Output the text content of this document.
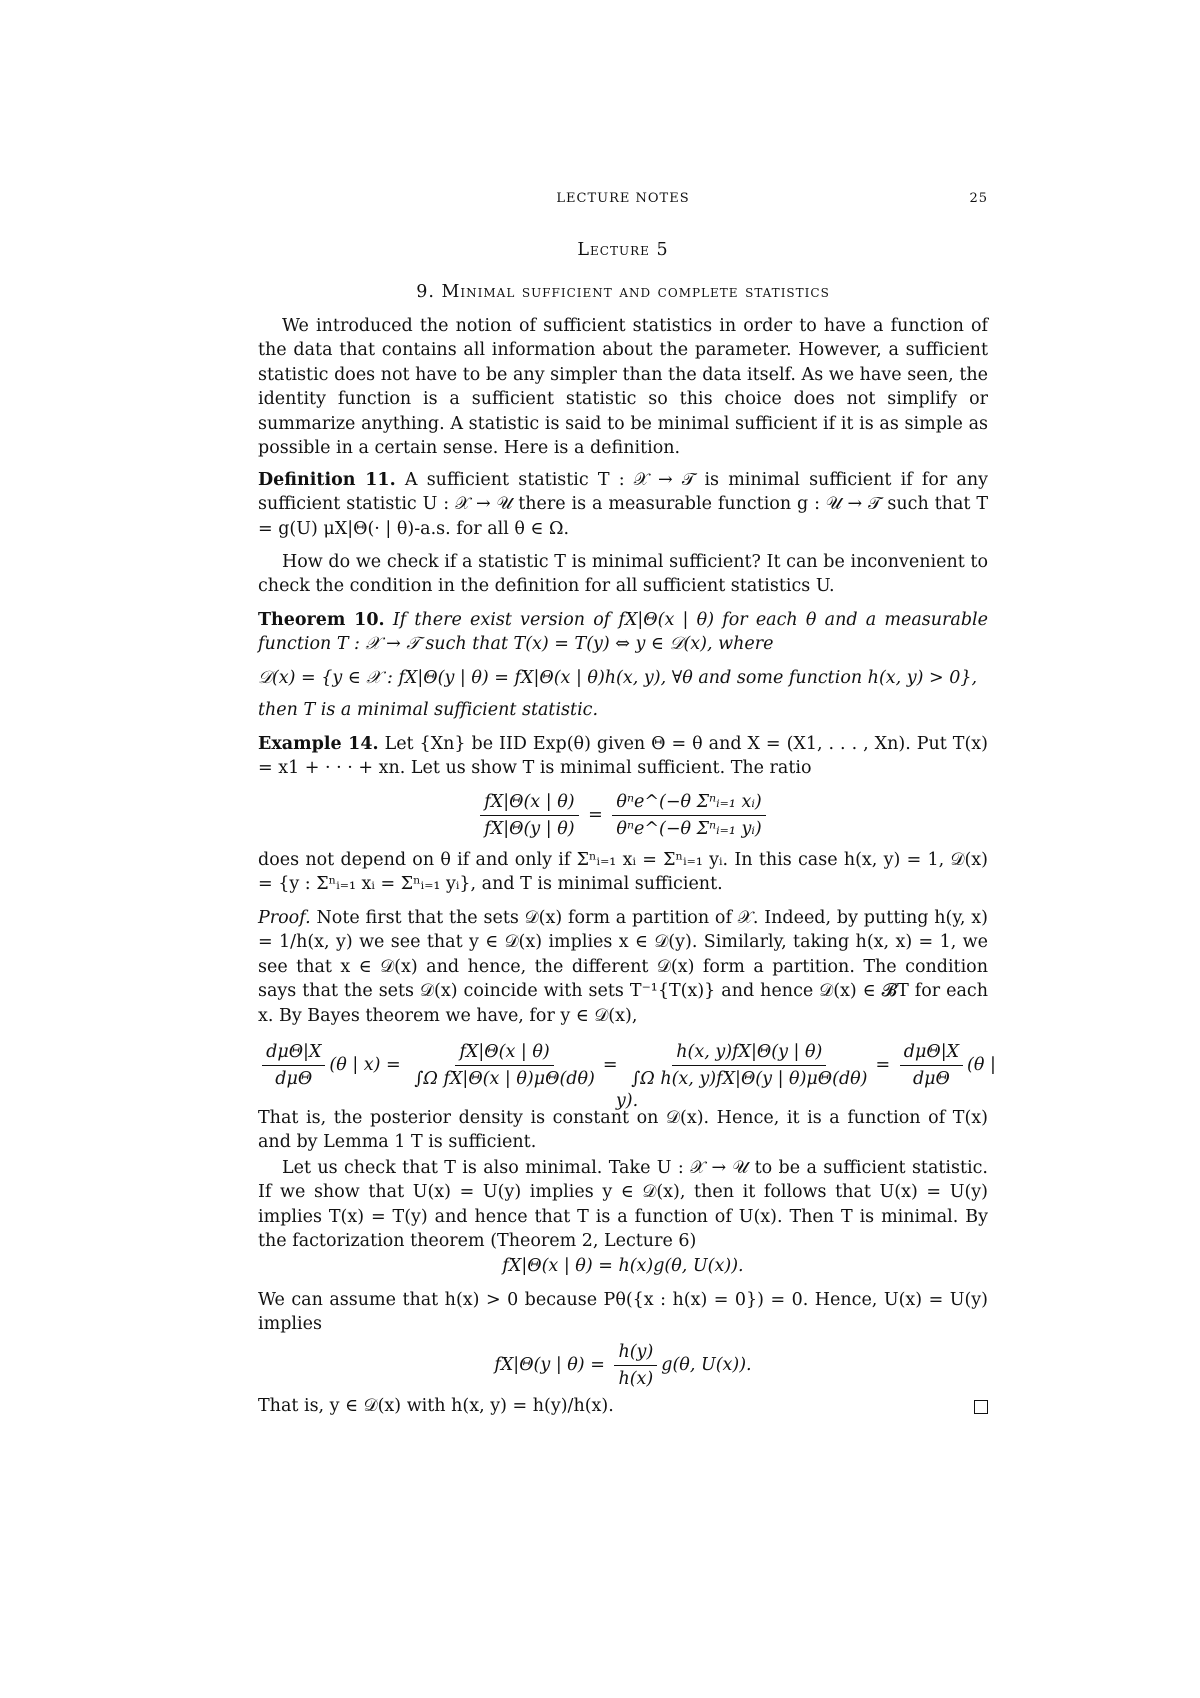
LECTURE NOTES	25
Lecture 5
9. Minimal sufficient and complete statistics
We introduced the notion of sufficient statistics in order to have a function of the data that contains all information about the parameter. However, a sufficient statistic does not have to be any simpler than the data itself. As we have seen, the identity function is a sufficient statistic so this choice does not simplify or summarize anything. A statistic is said to be minimal sufficient if it is as simple as possible in a certain sense. Here is a definition.
Definition 11. A sufficient statistic T : 𝒳 → 𝒯 is minimal sufficient if for any sufficient statistic U : 𝒳 → 𝒰 there is a measurable function g : 𝒰 → 𝒯 such that T = g(U) μX|Θ(· | θ)-a.s. for all θ ∈ Ω.
How do we check if a statistic T is minimal sufficient? It can be inconvenient to check the condition in the definition for all sufficient statistics U.
Theorem 10. If there exist version of fX|Θ(x | θ) for each θ and a measurable function T : 𝒳 → 𝒯 such that T(x) = T(y) ⇔ y ∈ 𝒟(x), where
𝒟(x) = {y ∈ 𝒳 : fX|Θ(y | θ) = fX|Θ(x | θ)h(x, y), ∀θ and some function h(x, y) > 0},
then T is a minimal sufficient statistic.
Example 14. Let {Xn} be IID Exp(θ) given Θ = θ and X = (X1, . . . , Xn). Put T(x) = x1 + · · · + xn. Let us show T is minimal sufficient. The ratio
$\frac{fX|\Theta(x | \theta)}{fX|\Theta(y | \theta)} = \frac{\text{θⁿe\textasciicircum{}(−θ Σⁿᵢ₌₁ xᵢ)}}{\text{θⁿe\textasciicircum{}(−θ Σⁿᵢ₌₁ yᵢ)}}$
does not depend on θ if and only if Σⁿᵢ₌₁ xᵢ = Σⁿᵢ₌₁ yᵢ. In this case h(x, y) = 1, 𝒟(x) = {y : Σⁿᵢ₌₁ xᵢ = Σⁿᵢ₌₁ yᵢ}, and T is minimal sufficient.
Proof. Note first that the sets 𝒟(x) form a partition of 𝒳. Indeed, by putting h(y, x) = 1/h(x, y) we see that y ∈ 𝒟(x) implies x ∈ 𝒟(y). Similarly, taking h(x, x) = 1, we see that x ∈ 𝒟(x) and hence, the different 𝒟(x) form a partition. The condition says that the sets 𝒟(x) coincide with sets T⁻¹{T(x)} and hence 𝒟(x) ∈ 𝓑T for each x. By Bayes theorem we have, for y ∈ 𝒟(x),
$\frac{\text{dμΘ|X}}{\text{dμΘ}} (\theta$ | $x) = \frac{fX|\Theta(x | \theta)}{\text{∫Ω fX|Θ(x | θ)μΘ(dθ)}} = \frac{h(x, y)fX|\Theta(y | \theta)}{\text{∫Ω h(x, y)fX|Θ(y | θ)μΘ(dθ)}} = \frac{\text{dμΘ|X}}{\text{dμΘ}} (\theta$ | y).
That is, the posterior density is constant on 𝒟(x). Hence, it is a function of T(x) and by Lemma 1 T is sufficient.
Let us check that T is also minimal. Take U : 𝒳 → 𝒰 to be a sufficient statistic. If we show that U(x) = U(y) implies y ∈ 𝒟(x), then it follows that U(x) = U(y) implies T(x) = T(y) and hence that T is a function of U(x). Then T is minimal. By the factorization theorem (Theorem 2, Lecture 6)
fX|Θ(x | θ) = h(x)g(θ, U(x)).
We can assume that h(x) > 0 because Pθ({x : h(x) = 0}) = 0. Hence, U(x) = U(y) implies
fX|Θ(y | $\theta) = \frac{h(y)}{h(x)} g(\theta$, U(x)).
That is, y ∈ 𝒟(x) with h(x, y) = h(y)/h(x).
